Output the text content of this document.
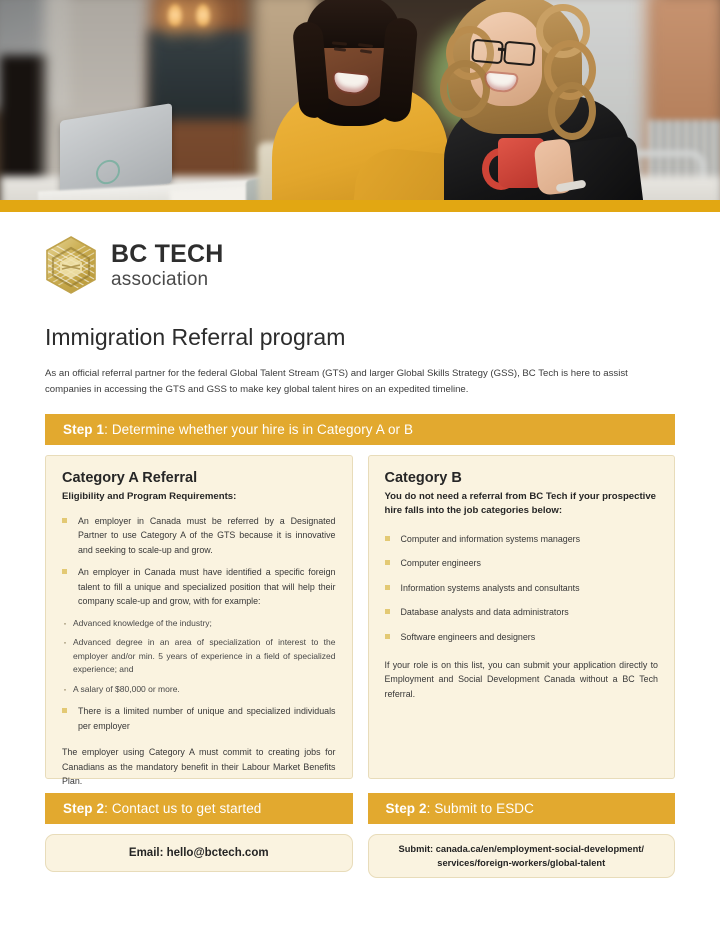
BC TECH
association
Immigration Referral program

As an official referral partner for the federal Global Talent Stream (GTS) and larger Global Skills Strategy (GSS), BC Tech is here to assist companies in accessing the GTS and GSS to make key global talent hires on an expedited timeline.

Step 1: Determine whether your hire is in Category A or B
Category A Referral
Eligibility and Program Requirements:
An employer in Canada must be referred by a Designated Partner to use Category A of the GTS because it is innovative and seeking to scale-up and grow.
An employer in Canada must have identified a specific foreign talent to fill a unique and specialized position that will help their company scale-up and grow, with for example:
· Advanced knowledge of the industry;
· Advanced degree in an area of specialization of interest to the employer and/or min. 5 years of experience in a field of specialized experience; and
· A salary of $80,000 or more.
There is a limited number of unique and specialized individuals per employer
The employer using Category A must commit to creating jobs for Canadians as the mandatory benefit in their Labour Market Benefits Plan.
Category B
You do not need a referral from BC Tech if your prospective hire falls into the job categories below:
Computer and information systems managers
Computer engineers
Information systems analysts and consultants
Database analysts and data administrators
Software engineers and designers
If your role is on this list, you can submit your application directly to Employment and Social Development Canada without a BC Tech referral.
Step 2: Contact us to get started
Email: hello@bctech.com
Step 2: Submit to ESDC
Submit: canada.ca/en/employment-social-development/ services/foreign-workers/global-talent
